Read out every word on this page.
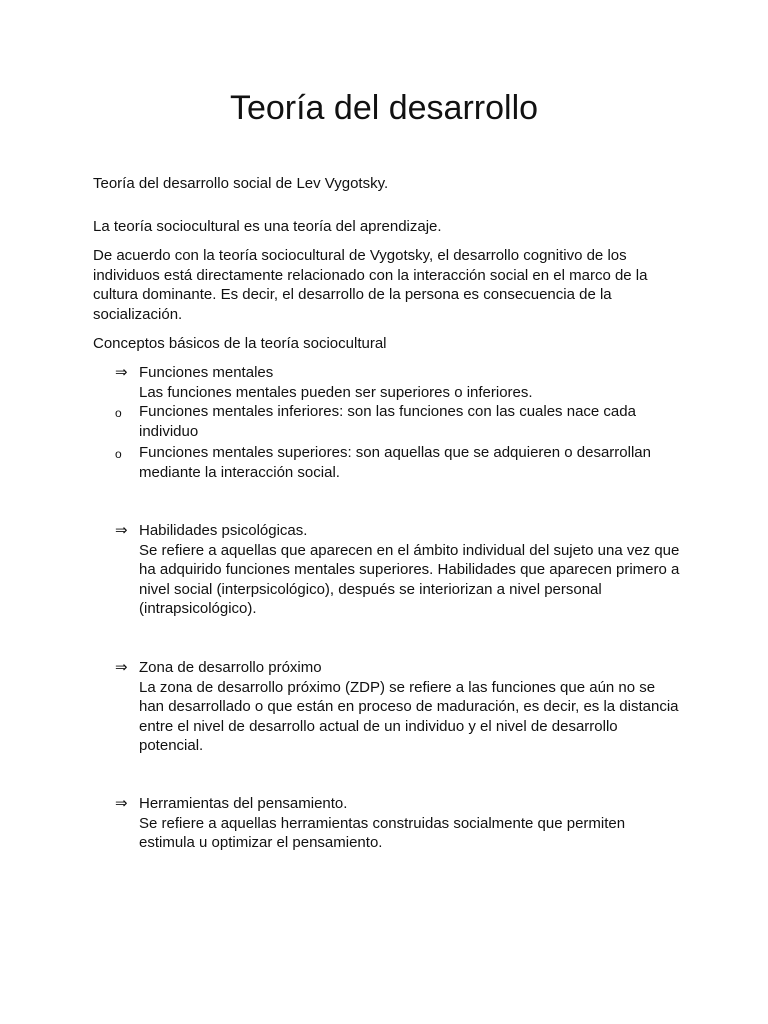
Teoría del desarrollo

Teoría del desarrollo social de Lev Vygotsky.

La teoría sociocultural es una teoría del aprendizaje.

De acuerdo con la teoría sociocultural de Vygotsky, el desarrollo cognitivo de los individuos está directamente relacionado con la interacción social en el marco de la cultura dominante. Es decir, el desarrollo de la persona es consecuencia de la socialización.

Conceptos básicos de la teoría sociocultural

⇒ Funciones mentales
Las funciones mentales pueden ser superiores o inferiores.
o Funciones mentales inferiores: son las funciones con las cuales nace cada individuo
o Funciones mentales superiores: son aquellas que se adquieren o desarrollan mediante la interacción social.
⇒ Habilidades psicológicas.
Se refiere a aquellas que aparecen en el ámbito individual del sujeto una vez que ha adquirido funciones mentales superiores. Habilidades que aparecen primero a nivel social (interpsicológico), después se interiorizan a nivel personal (intrapsicológico).
⇒ Zona de desarrollo próximo
La zona de desarrollo próximo (ZDP) se refiere a las funciones que aún no se han desarrollado o que están en proceso de maduración, es decir, es la distancia entre el nivel de desarrollo actual de un individuo y el nivel de desarrollo potencial.
⇒ Herramientas del pensamiento.
Se refiere a aquellas herramientas construidas socialmente que permiten estimula u optimizar el pensamiento.
